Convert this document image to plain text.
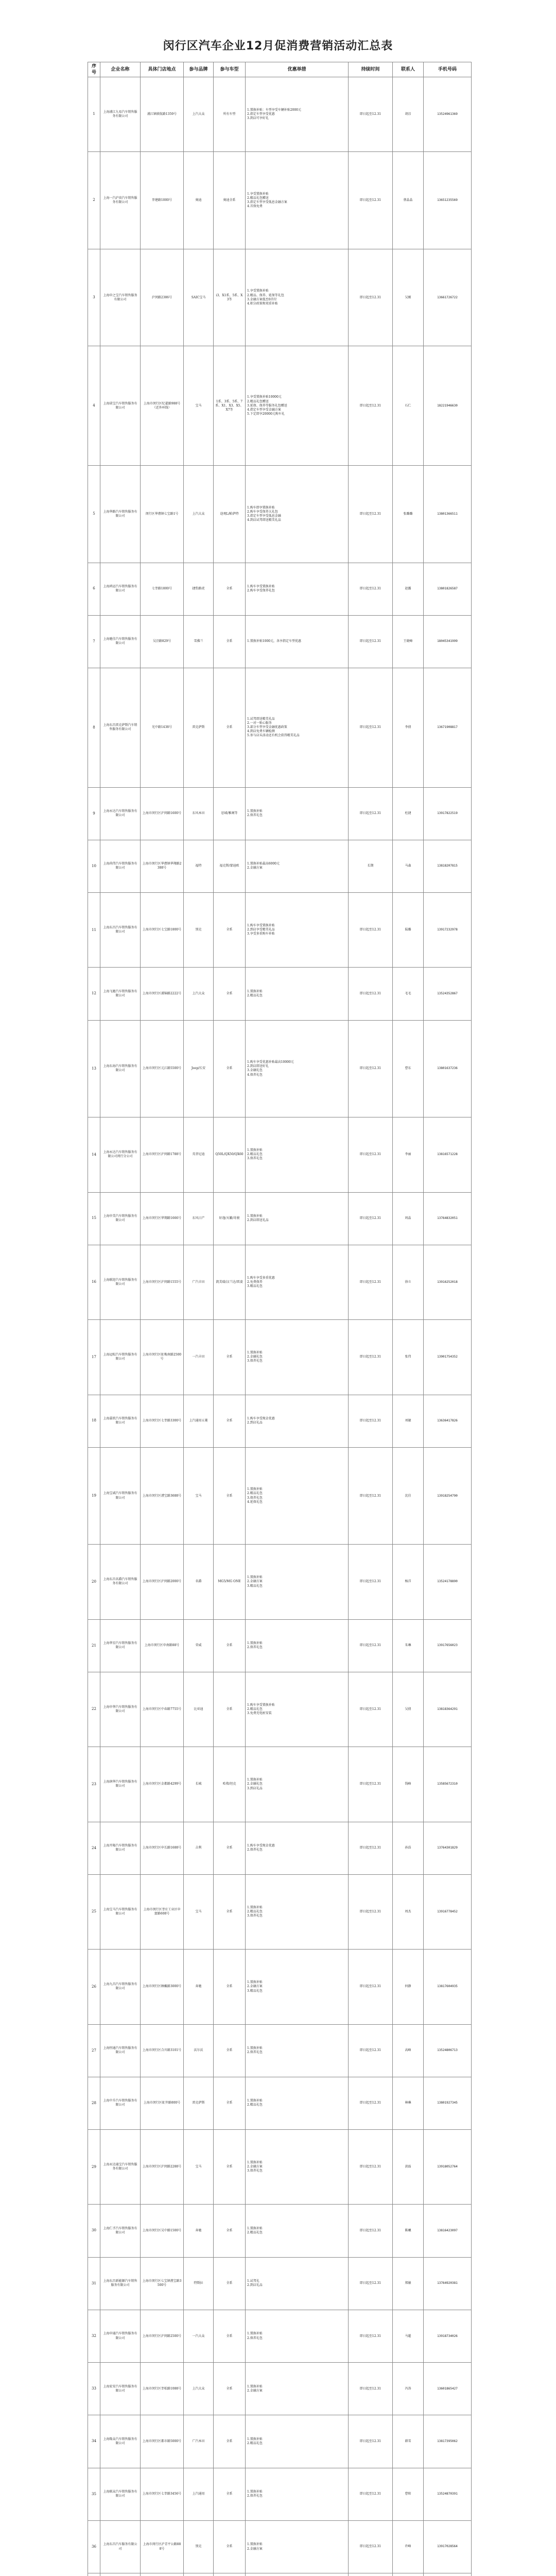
闵行区汽车企业12月促消费营销活动汇总表
序号	企业名称	具体门店地点	参与品牌	参与车型	优惠举措	持续时间	联系人	手机号码
1	上海浦江九易汽车销售服务有限公司	浦江镇联航路1359号	上汽大众	所有车型	1.置换补贴：车型享受车辆补贴2000元
2.指定车型享受优惠
3.到店可享好礼	即日起至12.31	胡淙	13524961369
2	上海一汽沪贵汽车销售服务有限公司	莘建路1000号	奥迪	奥迪全系	1.享受置换补贴
2.精品礼包赠送
3.指定车型享受低息金融方案
4.首保免费	即日起至12.31	蔡晶晶	13651235569
3	上海申之宝汽车销售服务有限公司	沪闵路2386号	SAIC宝马	i3、X1系、5系、X3等	1.享受置换补贴
2.精品、保养、延保等礼包
3.金融方案低至0首付
4.积分政策和双重补贴	即日起至12.31	吴刚	13661726722
4	上海诺宝汽车销售服务有限公司	上海市闵行区纪翟路988号（近外环线）	宝马	1系、3系、5系、7系、X1、X3、X5、X7等	1.享受置换补贴10000元
2.精品礼包赠送
3.延保、保养等服务礼包赠送
4.指定车型享受金融方案
5.下定即享20000元购车礼	即日起至12.31	石仁	18221946630
5	上海华路汽车销售服务有限公司	闵行区华漕镇七宝路1号	上汽大众	途观L/帕萨特	1.购车即享置换补贴
2.购车享受保养大礼包
3.指定车型享受低息金融
4.到店试驾即送精美礼品	即日起至12.31	张璐璐	13801366511
6	上海鸿运汽车销售服务有限公司	七莘路1800号	捷豹路虎	全系	1.购车享受置换补贴
2.购车享受保养礼包	即日起至12.31	赵露	13801826587
7	上海驰佳汽车销售服务有限公司	吴泾路829号	雪佛兰	全系	1.置换补贴1000元，各享指定车型优惠	即日起至12.31	王晓峰	18045341999
8	上海东昌雷克萨斯汽车销售服务有限公司	光中路1438号	雷克萨斯	全系	1.试驾即送精美礼品
2.一对一贴心服务
3.部分车型享受金融优惠政策
4.到店免费车辆检测
5.参与店头活动还有机会获得精美礼品	即日起至12.31	李倩	13671908817
9	上海永达汽车销售服务有限公司	上海市闵行区沪闵路1600号	东风本田	思域/雅阁等	1.置换补贴
2.保养礼包	即日起至12.31	杜捷	13917822519
10	上海尚伟汽车销售服务有限公司	上海市闵行区华漕镇华翔路2388号	福特	福克斯/蒙迪欧	1.置换补贴最高6000元
2.金融方案	长期	马森	13818207815
11	上海东昌汽车销售服务有限公司	上海市闵行区七宝路1800号	别克	全系	1.购车享受置换补贴
2.到店享受精美礼品
3.享受多重购车补贴	即日起至12.31	陆璐	13917232978
12	上海飞驰汽车销售服务有限公司	上海市闵行区浦锦路2222号	上汽大众	全系	1.置换补贴
2.精品礼包	即日起至12.31	毛毛	13524352867
13	上海东海汽车销售服务有限公司	上海市闵行区元江路5500号	Jeep/长安	全系	1.购车享受优惠补贴最高10000元
2.到店即送好礼
3.金融礼包
4.保养礼包	即日起至12.31	曹东	13801637236
14	上海永达汽车销售服务有限公司闵行分公司	上海市闵行区沪闵路1788号	英菲尼迪	Q50L/QX50/QX60	1.置换补贴
2.精品礼包
3.保养礼包	即日起至12.31	李丽	13816571228
15	上海申美汽车销售服务有限公司	上海市闵行区华翔路1666号	东风日产	轩逸/天籁/奇骏	1.置换补贴
2.到店即送礼品	即日起至12.31	周晶	13764832051
16	上海联迎汽车销售服务有限公司	上海市闵行区沪闵路1555号	广汽丰田	凯美瑞/汉兰达/雷凌	1.购车享受多重优惠
2.免费保养
3.精品礼包	即日起至12.31	徐立	13916252018
17	上海冠松汽车销售服务有限公司	上海市闵行区虹梅南路2500号	一汽丰田	全系	1.置换补贴
2.金融礼包
3.保养礼包	即日起至12.31	张伟	13901754352
18	上海嘉欣汽车销售服务有限公司	上海市闵行区七莘路3300号	上汽通用五菱	全系	1.购车享受现金优惠
2.到店礼品	即日起至12.31	刘敏	13636417826
19	上海宝诚汽车销售服务有限公司	上海市闵行区漕宝路3688号	宝马	全系	1.置换补贴
2.精品礼包
3.保养礼包
4.延保礼包	即日起至12.31	沈佳	13918254790
20	上海东昌名爵汽车销售服务有限公司	上海市闵行区沪闵路2000号	名爵	MG5/MG ONE	1.置换补贴
2.金融方案
3.精品礼包	即日起至12.31	杨洋	13524178890
21	上海华星汽车销售服务有限公司	上海市闵行区申南路88号	荣威	全系	1.置换补贴
2.保养礼包	即日起至12.31	朱琳	13917656023
22	上海申华汽车销售服务有限公司	上海市闵行区中春路7755号	比亚迪	全系	1.购车享受置换补贴
2.精品礼包
3.免费充电桩安装	即日起至12.31	吴倩	13818364291
23	上海润华汽车销售服务有限公司	上海市闵行区金都路4299号	长城	哈弗/坦克	1.置换补贴
2.金融礼包
3.到店礼品	即日起至12.31	钱峰	13585672310
24	上海开隆汽车销售服务有限公司	上海市闵行区申长路1688号	吉利	全系	1.购车享受现金优惠
2.保养礼包	即日起至12.31	孙浩	13764301829
25	上海宝马汽车销售服务有限公司	上海市闵行区莘庄工业区申富路608号	宝马	全系	1.置换补贴
2.精品礼包
3.保养礼包	即日起至12.31	周杰	13916778452
26	上海九昌汽车销售服务有限公司	上海市闵行区顾戴路3000号	奔驰	全系	1.置换补贴
2.金融方案
3.精品礼包	即日起至12.31	何静	13817604935
27	上海恒通汽车销售服务有限公司	上海市闵行区合川路3101号	沃尔沃	全系	1.置换补贴
2.保养礼包	即日起至12.31	高峰	13524806713
28	上海中升汽车销售服务有限公司	上海市闵行区虹井路800号	雷克萨斯	全系	1.置换补贴
2.精品礼包	即日起至12.31	林琳	13801927345
29	上海永达通宝汽车销售服务有限公司	上海市闵行区沪闵路2288号	宝马	全系	1.置换补贴
2.金融方案
3.保养礼包	即日起至12.31	黄磊	13918052764
30	上海仁孚汽车销售服务有限公司	上海市闵行区吴中路1500号	奔驰	全系	1.置换补贴
2.精品礼包	即日起至12.31	陈曦	13816423097
31	上海东昌新能源汽车销售服务有限公司	上海市闵行区七宝镇漕宝路3500号	特斯拉	全系	1.试驾礼
2.到店礼品	即日起至12.31	郑敏	13764920381
32	上海申通汽车销售服务有限公司	上海市闵行区沪闵路2500号	一汽大众	全系	1.置换补贴
2.保养礼包	即日起至12.31	马超	13918734026
33	上海宏安汽车销售服务有限公司	上海市闵行区莘松路1088号	上汽大众	全系	1.置换补贴
2.金融方案	即日起至12.31	冯涛	13601865427
34	上海隆众汽车销售服务有限公司	上海市闵行区都市路5000号	广汽本田	全系	1.置换补贴
2.精品礼包	即日起至12.31	韩雪	13817395062
35	上海联众汽车销售服务有限公司	上海市闵行区七莘路3456号	上汽通用	全系	1.置换补贴
2.保养礼包	即日起至12.31	曹阳	13524870391
36	上海东昌汽车服务有限公司	上海市闵行区沪青平公路888号	别克	全系	1.置换补贴
2.金融方案	即日起至12.31	许峰	13917028564
